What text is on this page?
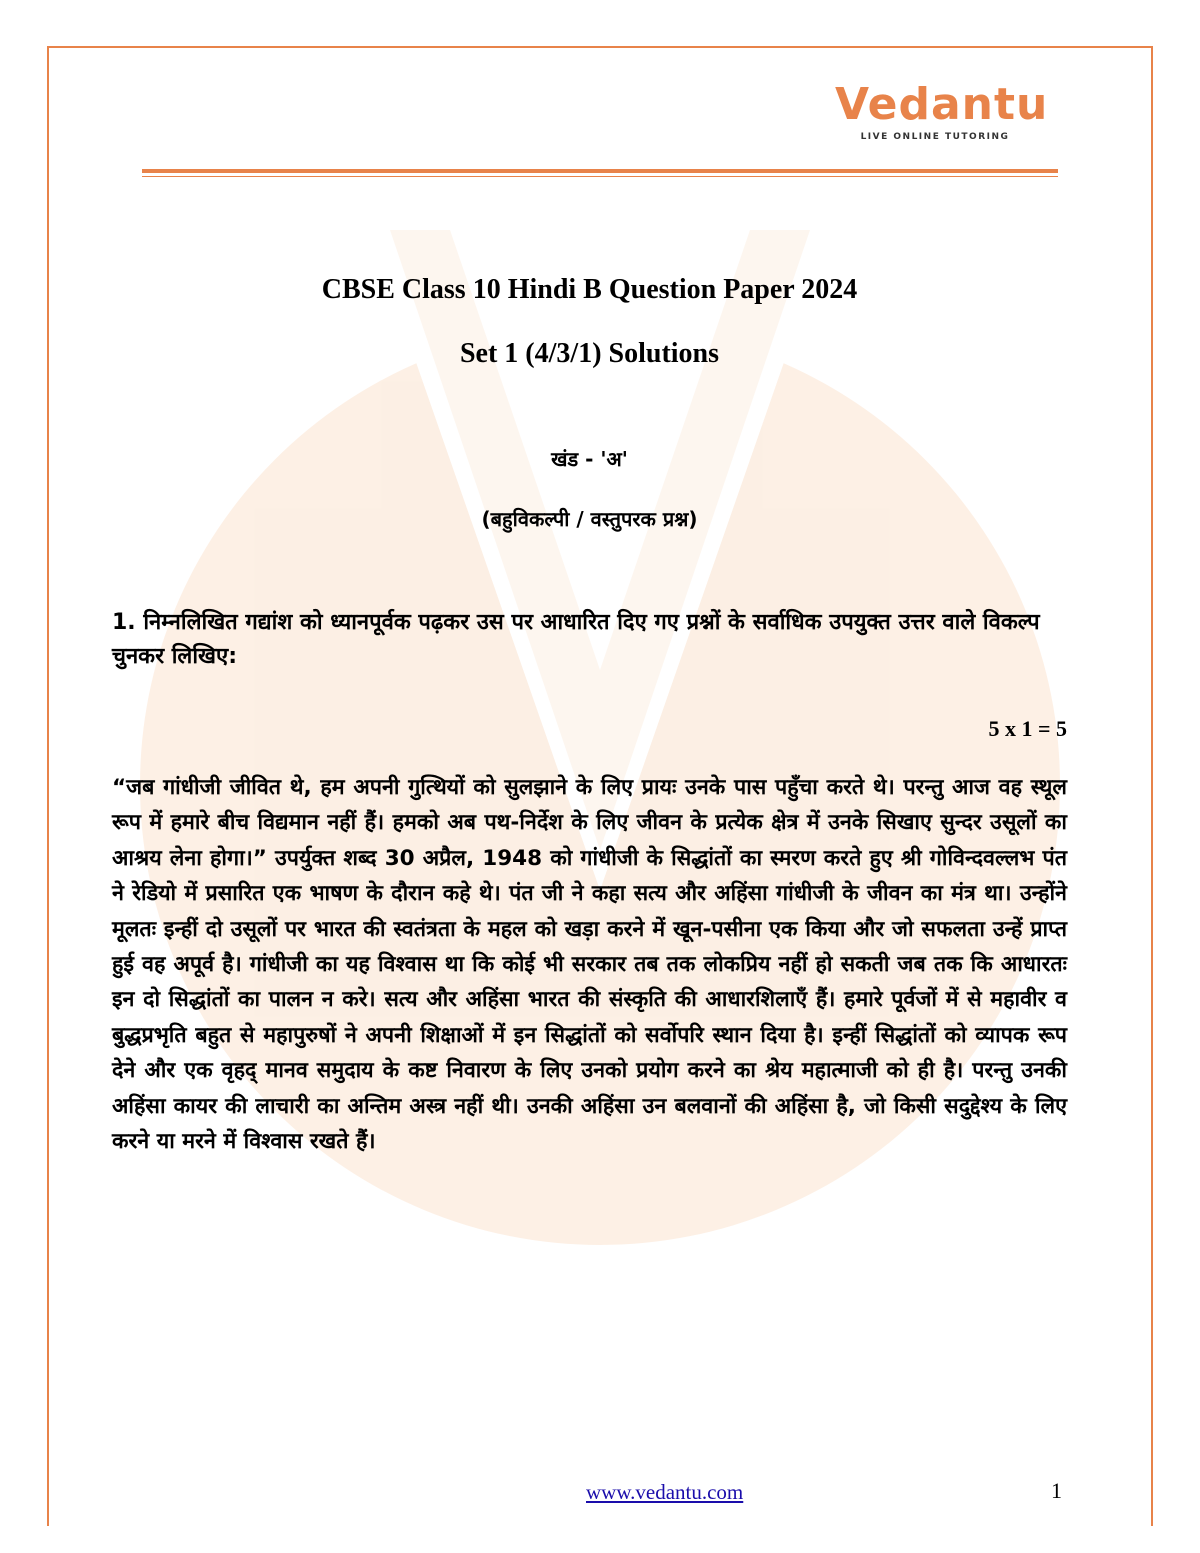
Vedantu
LIVE ONLINE TUTORING
CBSE Class 10 Hindi B Question Paper 2024
Set 1 (4/3/1) Solutions
खंड - 'अ'
(बहुविकल्पी / वस्तुपरक प्रश्न)

1. निम्नलिखित गद्यांश को ध्यानपूर्वक पढ़कर उस पर आधारित दिए गए प्रश्नों के सर्वाधिक उपयुक्त उत्तर वाले विकल्प चुनकर लिखिए:

5 x 1 = 5

“जब गांधीजी जीवित थे, हम अपनी गुत्थियों को सुलझाने के लिए प्रायः उनके पास पहुँचा करते थे। परन्तु आज वह स्थूल रूप में हमारे बीच विद्यमान नहीं हैं। हमको अब पथ-निर्देश के लिए जीवन के प्रत्येक क्षेत्र में उनके सिखाए सुन्दर उसूलों का आश्रय लेना होगा।” उपर्युक्त शब्द 30 अप्रैल, 1948 को गांधीजी के सिद्धांतों का स्मरण करते हुए श्री गोविन्दवल्लभ पंत ने रेडियो में प्रसारित एक भाषण के दौरान कहे थे। पंत जी ने कहा सत्य और अहिंसा गांधीजी के जीवन का मंत्र था। उन्होंने मूलतः इन्हीं दो उसूलों पर भारत की स्वतंत्रता के महल को खड़ा करने में खून-पसीना एक किया और जो सफलता उन्हें प्राप्त हुई वह अपूर्व है। गांधीजी का यह विश्वास था कि कोई भी सरकार तब तक लोकप्रिय नहीं हो सकती जब तक कि आधारतः इन दो सिद्धांतों का पालन न करे। सत्य और अहिंसा भारत की संस्कृति की आधारशिलाएँ हैं। हमारे पूर्वजों में से महावीर व बुद्धप्रभृति बहुत से महापुरुषों ने अपनी शिक्षाओं में इन सिद्धांतों को सर्वोपरि स्थान दिया है। इन्हीं सिद्धांतों को व्यापक रूप देने और एक वृहद् मानव समुदाय के कष्ट निवारण के लिए उनको प्रयोग करने का श्रेय महात्माजी को ही है। परन्तु उनकी अहिंसा कायर की लाचारी का अन्तिम अस्त्र नहीं थी। उनकी अहिंसा उन बलवानों की अहिंसा है, जो किसी सदुद्देश्य के लिए करने या मरने में विश्वास रखते हैं।

www.vedantu.com	1
